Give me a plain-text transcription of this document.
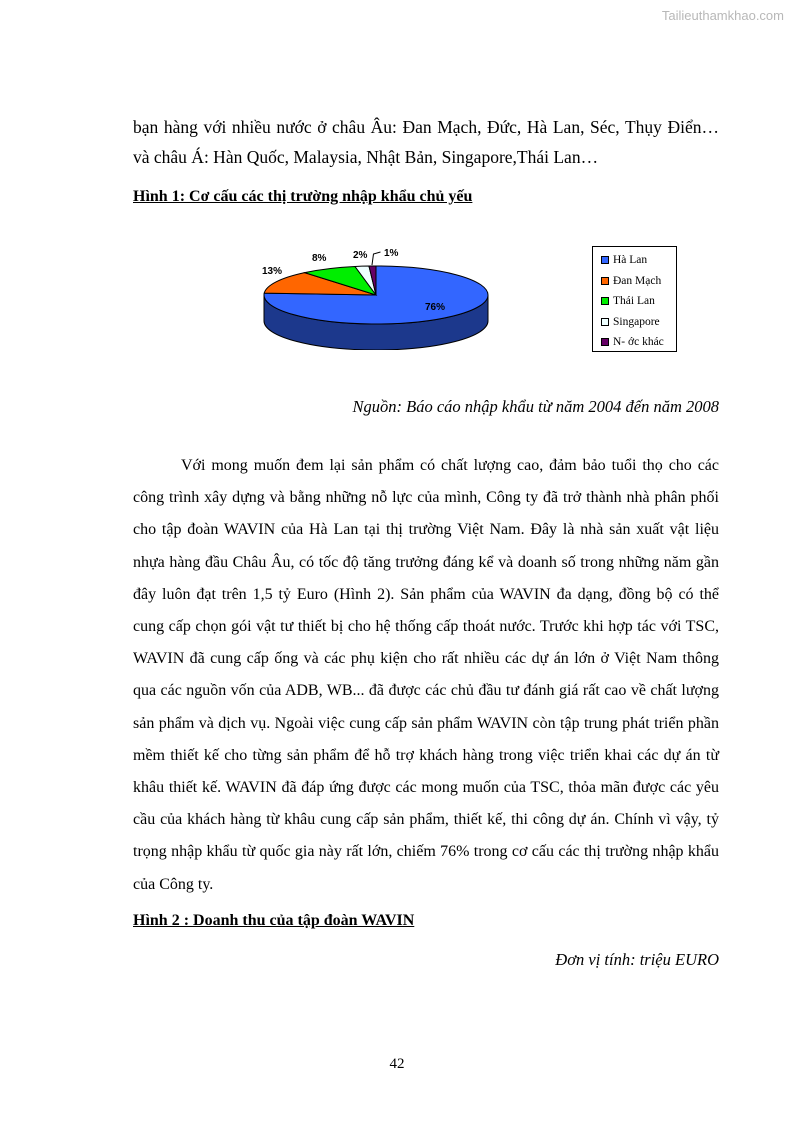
Tailieuthamkhao.com

bạn hàng với nhiều nước ở châu Âu: Đan Mạch, Đức, Hà Lan, Séc, Thụy Điển… và châu Á: Hàn Quốc, Malaysia, Nhật Bản, Singapore,Thái Lan…

Hình 1: Cơ cấu các thị trường nhập khẩu chủ yếu

76%
13%
8%	2% 1%
Hà Lan
Đan Mạch
Thái Lan
Singapore
N- ớc khác

Nguồn: Báo cáo nhập khẩu từ năm 2004 đến năm 2008

Với mong muốn đem lại sản phẩm có chất lượng cao, đảm bảo tuổi thọ cho các công trình xây dựng và bằng những nỗ lực của mình, Công ty đã trở thành nhà phân phối cho tập đoàn WAVIN của Hà Lan tại thị trường Việt Nam. Đây là nhà sản xuất vật liệu nhựa hàng đầu Châu Âu, có tốc độ tăng trưởng đáng kể và doanh số trong những năm gần đây luôn đạt trên 1,5 tỷ Euro (Hình 2). Sản phẩm của WAVIN đa dạng, đồng bộ có thể cung cấp chọn gói vật tư thiết bị cho hệ thống cấp thoát nước. Trước khi hợp tác với TSC, WAVIN đã cung cấp ống và các phụ kiện cho rất nhiều các dự án lớn ở Việt Nam thông qua các nguồn vốn của ADB, WB... đã được các chủ đầu tư đánh giá rất cao về chất lượng sản phẩm và dịch vụ. Ngoài việc cung cấp sản phẩm WAVIN còn tập trung phát triển phần mềm thiết kế cho từng sản phẩm để hỗ trợ khách hàng trong việc triển khai các dự án từ khâu thiết kế. WAVIN đã đáp ứng được các mong muốn của TSC, thỏa mãn được các yêu cầu của khách hàng từ khâu cung cấp sản phẩm, thiết kế, thi công dự án. Chính vì vậy, tỷ trọng nhập khẩu từ quốc gia này rất lớn, chiếm 76% trong cơ cấu các thị trường nhập khẩu của Công ty.

Hình 2 : Doanh thu của tập đoàn WAVIN

Đơn vị tính: triệu EURO

42
